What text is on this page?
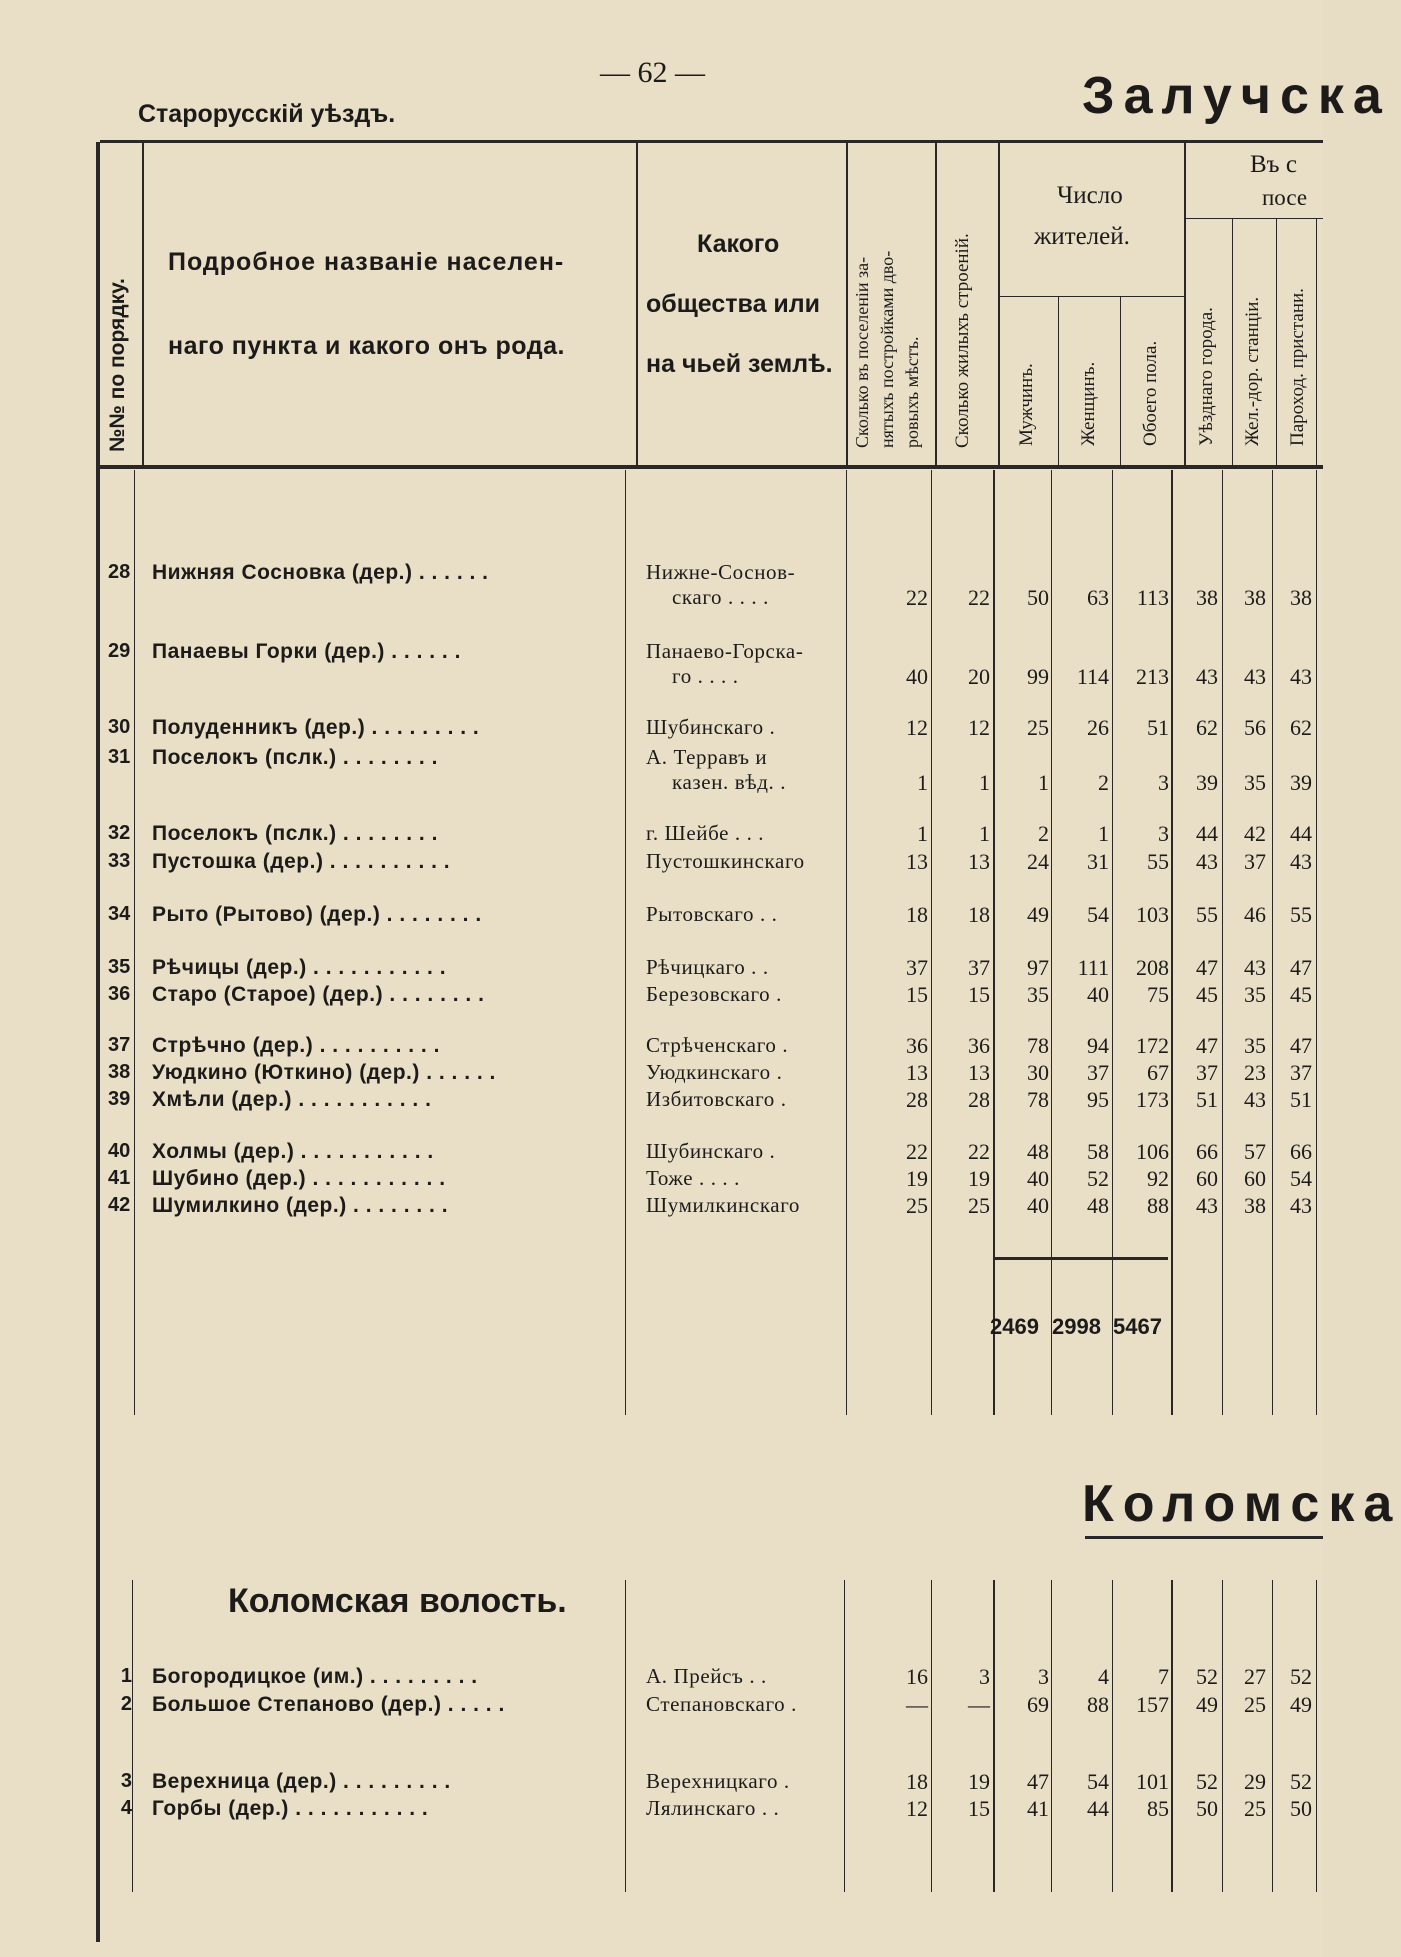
— 62 —
Старорусскій уѣздъ.	Залучска
№№ по порядку.
Подробное названіе населен-
наго пункта и какого онъ рода.
Какого
общества или
на чьей землѣ. Сколько въ поселеніи за- нятыхъ постройками дво- ровыхъ мѣстъ. Сколько жилыхъ строеній.
Число
жителей.
Мужчинъ. Женщинъ. Обоего пола.
Въ с
посе
Уѣзднаго города. Жел.-дор. станціи. Пароход. пристани.
28 Нижняя Сосновка (дер.) . . . . . .	Нижне-Соснов-
скаго . . . .	22 22 50 63 113 38 38 38
29 Панаевы Горки (дер.) . . . . . .	Панаево-Горска-
го . . . .	40 20 99 114 213 43 43 43
30 Полуденникъ (дер.) . . . . . . . . .	Шубинскаго .	12 12 25 26 51 62 56 62
31 Поселокъ (пслк.) . . . . . . . .	А. Терравъ и
казен. вѣд. .	1 1 1 2 3 39 35 39
32 Поселокъ (пслк.) . . . . . . . .	г. Шейбе . . .	1 1 2 1 3 44 42 44
33 Пустошка (дер.) . . . . . . . . . .	Пустошкинскаго	13 13 24 31 55 43 37 43
34 Рыто (Рытово) (дер.) . . . . . . . .	Рытовскаго . .	18 18 49 54 103 55 46 55
35 Рѣчицы (дер.) . . . . . . . . . . .	Рѣчицкаго . .	37 37 97 111 208 47 43 47
36 Старо (Старое) (дер.) . . . . . . . .	Березовскаго .	15 15 35 40 75 45 35 45
37 Стрѣчно (дер.) . . . . . . . . . .	Стрѣченскаго .	36 36 78 94 172 47 35 47
38 Уюдкино (Юткино) (дер.) . . . . . .	Уюдкинскаго .	13 13 30 37 67 37 23 37
39 Хмѣли (дер.) . . . . . . . . . . .	Избитовскаго .	28 28 78 95 173 51 43 51
40 Холмы (дер.) . . . . . . . . . . .	Шубинскаго .	22 22 48 58 106 66 57 66
41 Шубино (дер.) . . . . . . . . . . .	Тоже . . . .	19 19 40 52 92 60 60 54
42 Шумилкино (дер.) . . . . . . . .	Шумилкинскаго	25 25 40 48 88 43 38 43
2469 2998 5467
Коломска
Коломская волость.
1 Богородицкое (им.) . . . . . . . . .	А. Прейсъ . .	16 3 3 4 7 52 27 52
2 Большое Степаново (дер.) . . . . .	Степановскаго .	— — 69 88 157 49 25 49
3 Верехница (дер.) . . . . . . . . .	Верехницкаго .	18 19 47 54 101 52 29 52
4 Горбы (дер.) . . . . . . . . . . .	Лялинскаго . .	12 15 41 44 85 50 25 50
